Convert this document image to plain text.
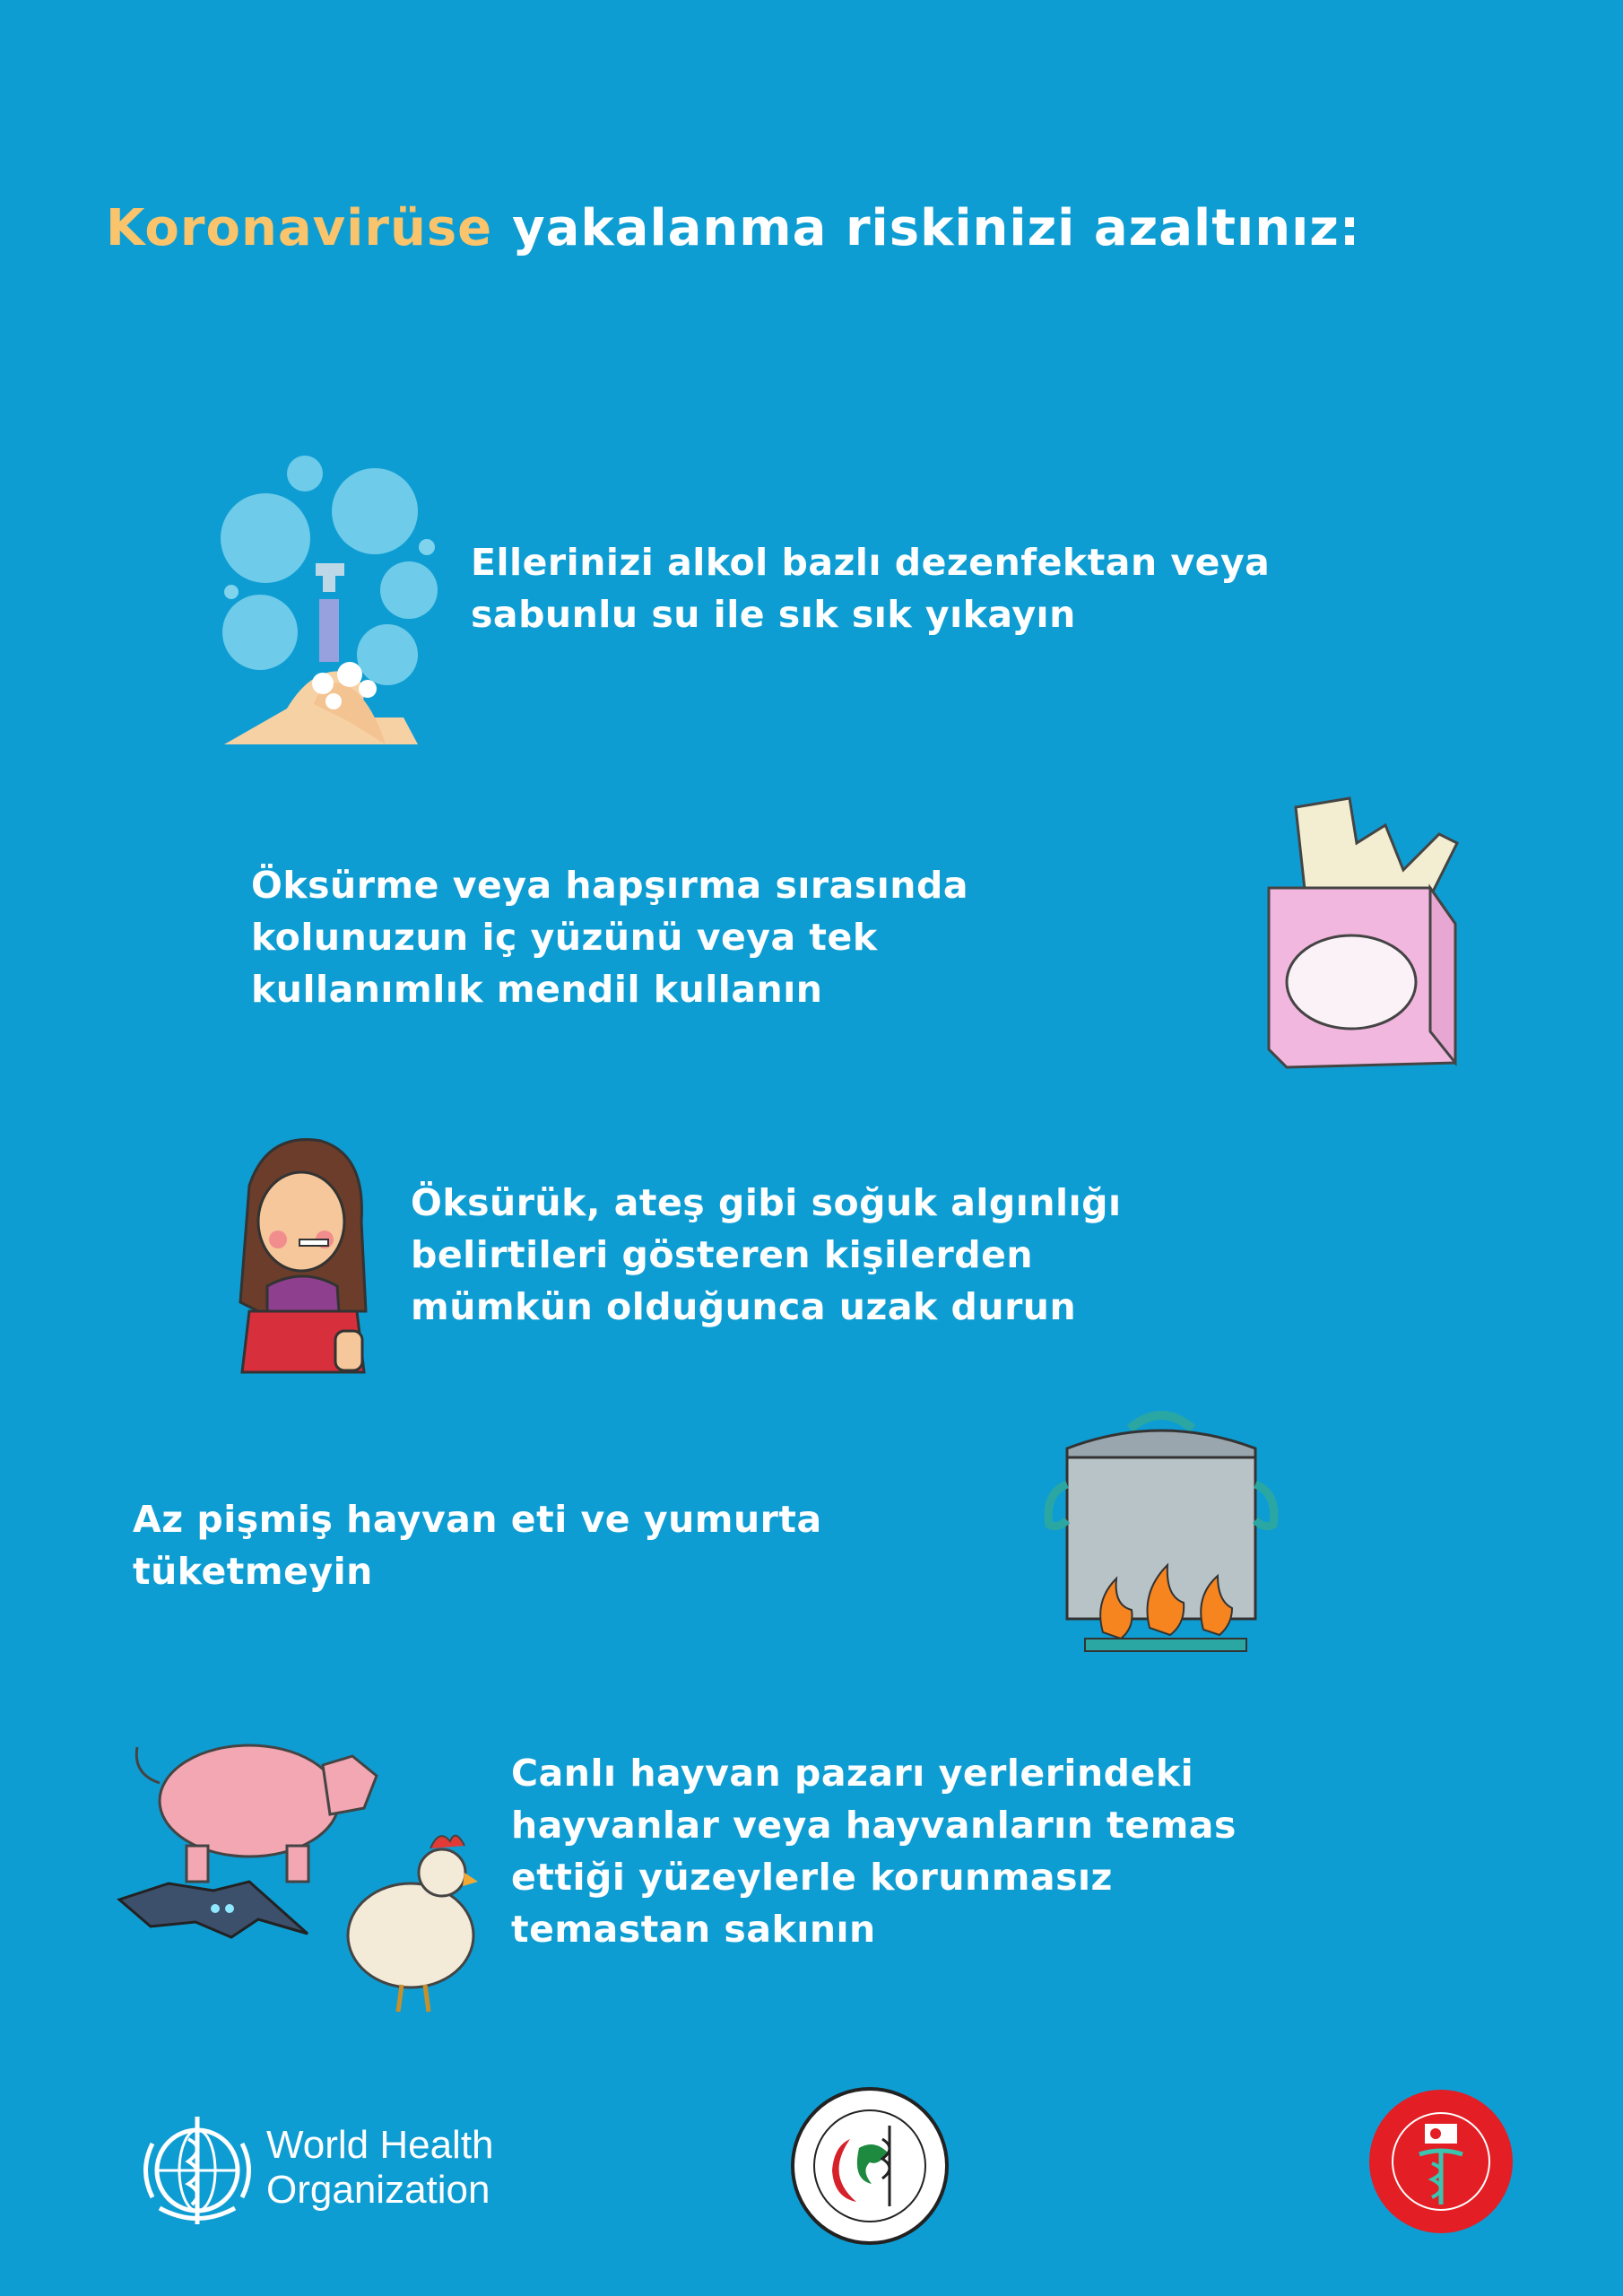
Koronavirüse yakalanma riskinizi azaltınız:
Ellerinizi alkol bazlı dezenfektan veya
sabunlu su ile sık sık yıkayın
Öksürme veya hapşırma sırasında
kolunuzun iç yüzünü veya tek
kullanımlık mendil kullanın
Öksürük, ateş gibi soğuk algınlığı
belirtileri gösteren kişilerden
mümkün olduğunca uzak durun
Az pişmiş hayvan eti ve yumurta
tüketmeyin
Canlı hayvan pazarı yerlerindeki
hayvanlar veya hayvanların temas
ettiği yüzeylerle korunmasız
temastan sakının
World Health
Organization
